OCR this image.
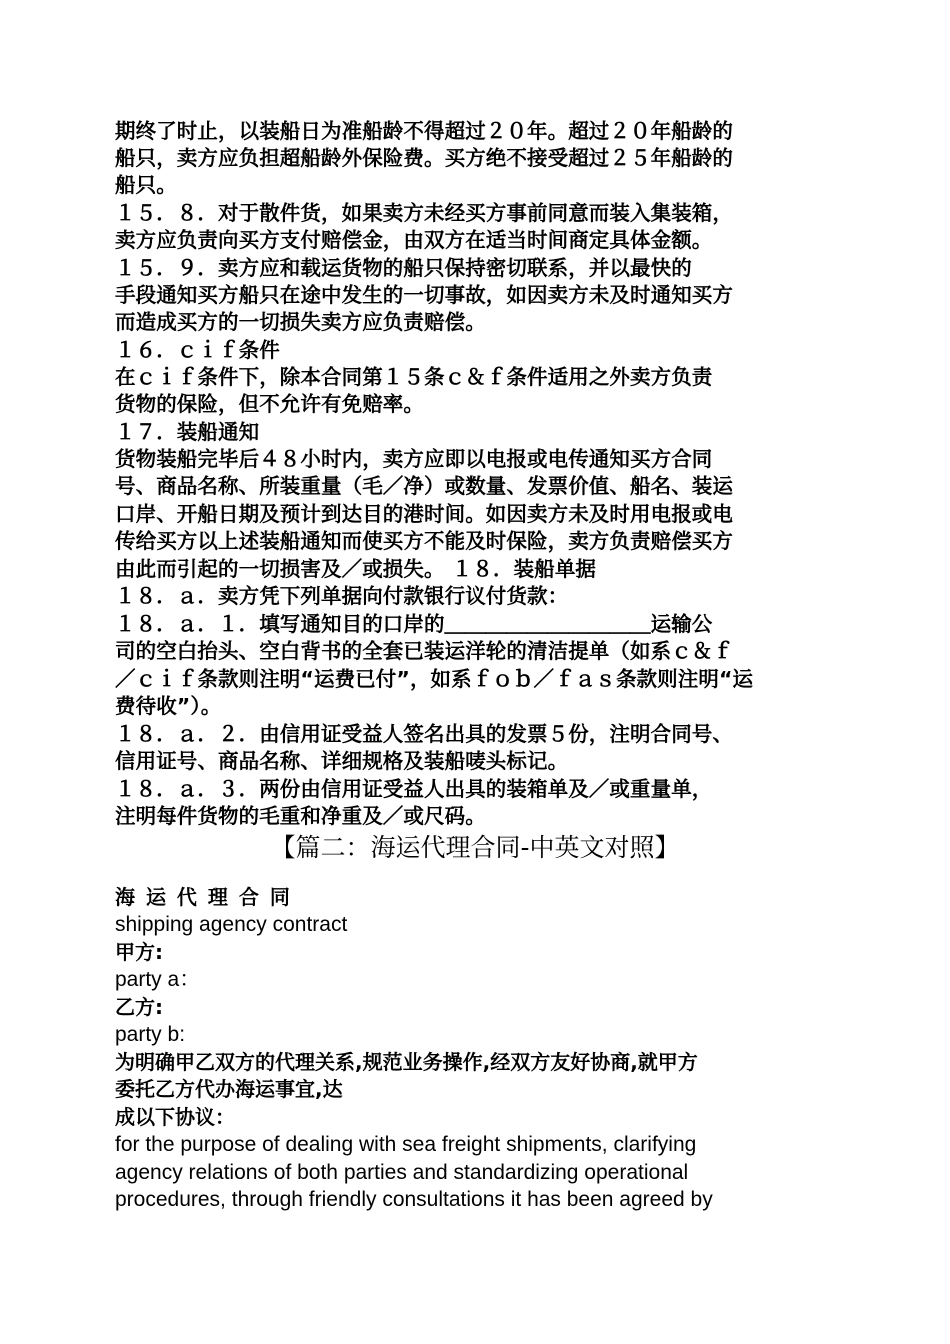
期终了时止，以装船日为准船龄不得超过２０年。超过２０年船龄的

船只，卖方应负担超船龄外保险费。买方绝不接受超过２５年船龄的

船只。

１５．８．对于散件货，如果卖方未经买方事前同意而装入集装箱，

卖方应负责向买方支付赔偿金，由双方在适当时间商定具体金额。

１５．９．卖方应和载运货物的船只保持密切联系，并以最快的

手段通知买方船只在途中发生的一切事故，如因卖方未及时通知买方

而造成买方的一切损失卖方应负责赔偿。

１６．ｃｉｆ条件

在ｃｉｆ条件下，除本合同第１５条ｃ＆ｆ条件适用之外卖方负责

货物的保险，但不允许有免赔率。

１７．装船通知

货物装船完毕后４８小时内，卖方应即以电报或电传通知买方合同

号、商品名称、所装重量（毛／净）或数量、发票价值、船名、装运

口岸、开船日期及预计到达目的港时间。如因卖方未及时用电报或电

传给买方以上述装船通知而使买方不能及时保险，卖方负责赔偿买方

由此而引起的一切损害及／或损失。 １８．装船单据

１８．ａ．卖方凭下列单据向付款银行议付货款：

１８．ａ．１．填写通知目的口岸的＿＿＿＿＿＿＿＿＿＿运输公

司的空白抬头、空白背书的全套已装运洋轮的清洁提单（如系ｃ＆ｆ

／ｃｉｆ条款则注明“运费已付”，如系ｆｏｂ／ｆａｓ条款则注明“运

费待收”）。

１８．ａ．２．由信用证受益人签名出具的发票５份，注明合同号、

信用证号、商品名称、详细规格及装船唛头标记。

１８．ａ．３．两份由信用证受益人出具的装箱单及／或重量单，

注明每件货物的毛重和净重及／或尺码。

【篇二：海运代理合同-中英文对照】

海 运 代 理 合 同

shipping agency contract

甲方:

party a：

乙方:

party b:

为明确甲乙双方的代理关系,规范业务操作,经双方友好协商,就甲方

委托乙方代办海运事宜,达

成以下协议：

for the purpose of dealing with sea freight shipments, clarifying

agency relations of both parties and standardizing operational

procedures, through friendly consultations it has been agreed by
